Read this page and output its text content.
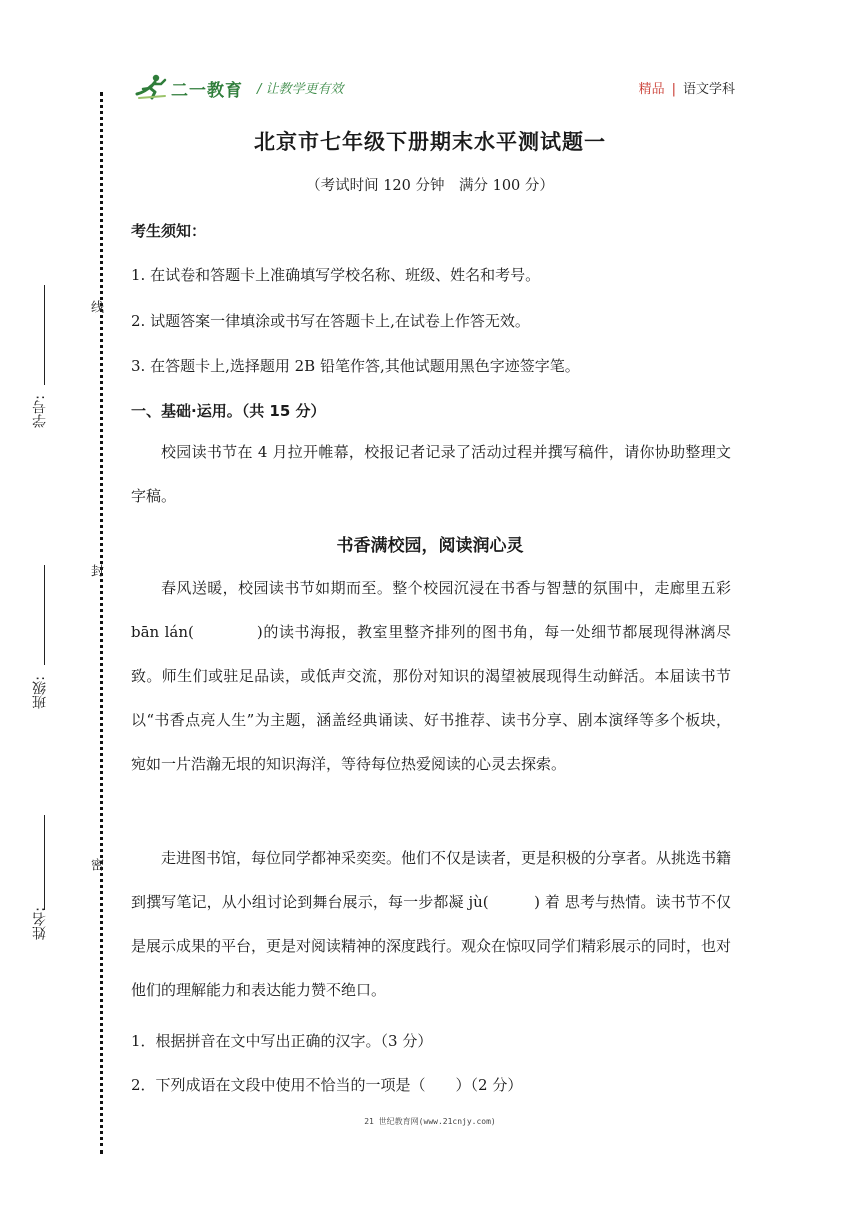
学号:
班级:
姓名:
线
封
密
二一教育 / 让教学更有效	精品 | 语文学科
北京市七年级下册期末水平测试题一
（考试时间 120 分钟　满分 100 分）
考生须知：
1. 在试卷和答题卡上准确填写学校名称、班级、姓名和考号。
2. 试题答案一律填涂或书写在答题卡上,在试卷上作答无效。
3. 在答题卡上,选择题用 2B 铅笔作答,其他试题用黑色字迹签字笔。
一、基础·运用。（共 15 分）

校园读书节在 4 月拉开帷幕，校报记者记录了活动过程并撰写稿件，请你协助整理文字稿。

书香满校园，阅读润心灵

春风送暖，校园读书节如期而至。整个校园沉浸在书香与智慧的氛围中，走廊里五彩 bān lán(　　　　)的读书海报，教室里整齐排列的图书角，每一处细节都展现得淋漓尽致。师生们或驻足品读，或低声交流，那份对知识的渴望被展现得生动鲜活。本届读书节以“书香点亮人生”为主题，涵盖经典诵读、好书推荐、读书分享、剧本演绎等多个板块，宛如一片浩瀚无垠的知识海洋，等待每位热爱阅读的心灵去探索。

走进图书馆，每位同学都神采奕奕。他们不仅是读者，更是积极的分享者。从挑选书籍到撰写笔记，从小组讨论到舞台展示，每一步都凝 jù(　　　) 着 思考与热情。读书节不仅是展示成果的平台，更是对阅读精神的深度践行。观众在惊叹同学们精彩展示的同时，也对他们的理解能力和表达能力赞不绝口。

1．根据拼音在文中写出正确的汉字。（3 分）
2．下列成语在文段中使用不恰当的一项是（　　）（2 分）
21 世纪教育网(www.21cnjy.com)
